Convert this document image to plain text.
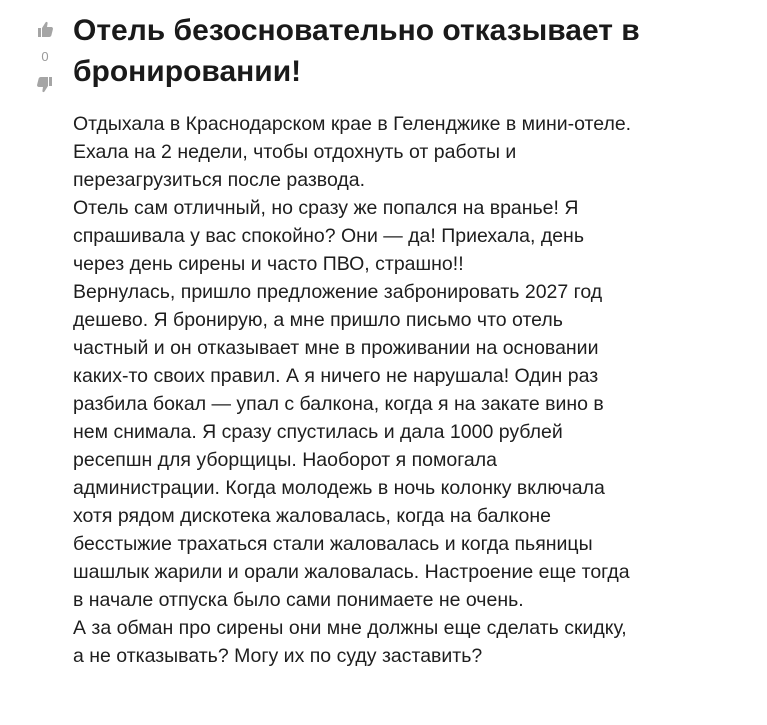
0
Отель безосновательно отказывает в
бронировании!

Отдыхала в Краснодарском крае в Геленджике в мини-отеле.

Ехала на 2 недели, чтобы отдохнуть от работы и

перезагрузиться после развода.

Отель сам отличный, но сразу же попался на вранье! Я

спрашивала у вас спокойно? Они — да! Приехала, день

через день сирены и часто ПВО, страшно!!

Вернулась, пришло предложение забронировать 2027 год

дешево. Я бронирую, а мне пришло письмо что отель

частный и он отказывает мне в проживании на основании

каких-то своих правил. А я ничего не нарушала! Один раз

разбила бокал — упал с балкона, когда я на закате вино в

нем снимала. Я сразу спустилась и дала 1000 рублей

ресепшн для уборщицы. Наоборот я помогала

администрации. Когда молодежь в ночь колонку включала

хотя рядом дискотека жаловалась, когда на балконе

бесстыжие трахаться стали жаловалась и когда пьяницы

шашлык жарили и орали жаловалась. Настроение еще тогда

в начале отпуска было сами понимаете не очень.

А за обман про сирены они мне должны еще сделать скидку,

а не отказывать? Могу их по суду заставить?
